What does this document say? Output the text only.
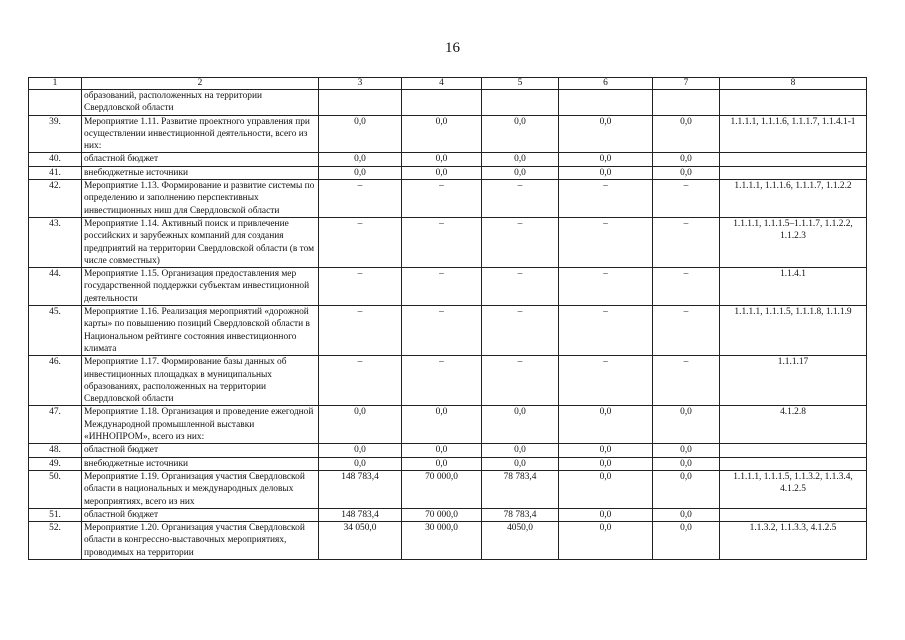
16
1	2	3	4	5	6	7	8
	образований, расположенных на территории Свердловской области						
39.	Мероприятие 1.11. Развитие проектного управления при осуществлении инвестиционной деятельности, всего из них:	0,0	0,0	0,0	0,0	0,0	1.1.1.1, 1.1.1.6, 1.1.1.7, 1.1.4.1-1
40.	областной бюджет	0,0	0,0	0,0	0,0	0,0	
41.	внебюджетные источники	0,0	0,0	0,0	0,0	0,0	
42.	Мероприятие 1.13. Формирование и развитие системы по определению и заполнению перспективных инвестиционных ниш для Свердловской области	–	–	–	–	–	1.1.1.1, 1.1.1.6, 1.1.1.7, 1.1.2.2
43.	Мероприятие 1.14. Активный поиск и привлечение российских и зарубежных компаний для создания предприятий на территории Свердловской области (в том числе совместных)	–	–	–	–	–	1.1.1.1, 1.1.1.5–1.1.1.7, 1.1.2.2, 1.1.2.3
44.	Мероприятие 1.15. Организация предоставления мер государственной поддержки субъектам инвестиционной деятельности	–	–	–	–	–	1.1.4.1
45.	Мероприятие 1.16. Реализация мероприятий «дорожной карты» по повышению позиций Свердловской области в Национальном рейтинге состояния инвестиционного климата	–	–	–	–	–	1.1.1.1, 1.1.1.5, 1.1.1.8, 1.1.1.9
46.	Мероприятие 1.17. Формирование базы данных об инвестиционных площадках в муниципальных образованиях, расположенных на территории Свердловской области	–	–	–	–	–	1.1.1.17
47.	Мероприятие 1.18. Организация и проведение ежегодной Международной промышленной выставки «ИННОПРОМ», всего из них:	0,0	0,0	0,0	0,0	0,0	4.1.2.8
48.	областной бюджет	0,0	0,0	0,0	0,0	0,0	
49.	внебюджетные источники	0,0	0,0	0,0	0,0	0,0	
50.	Мероприятие 1.19. Организация участия Свердловской области в национальных и международных деловых мероприятиях, всего из них	148 783,4	70 000,0	78 783,4	0,0	0,0	1.1.1.1, 1.1.1.5, 1.1.3.2, 1.1.3.4, 4.1.2.5
51.	областной бюджет	148 783,4	70 000,0	78 783,4	0,0	0,0	
52.	Мероприятие 1.20. Организация участия Свердловской области в конгрессно-выставочных мероприятиях, проводимых на территории	34 050,0	30 000,0	4050,0	0,0	0,0	1.1.3.2, 1.1.3.3, 4.1.2.5
